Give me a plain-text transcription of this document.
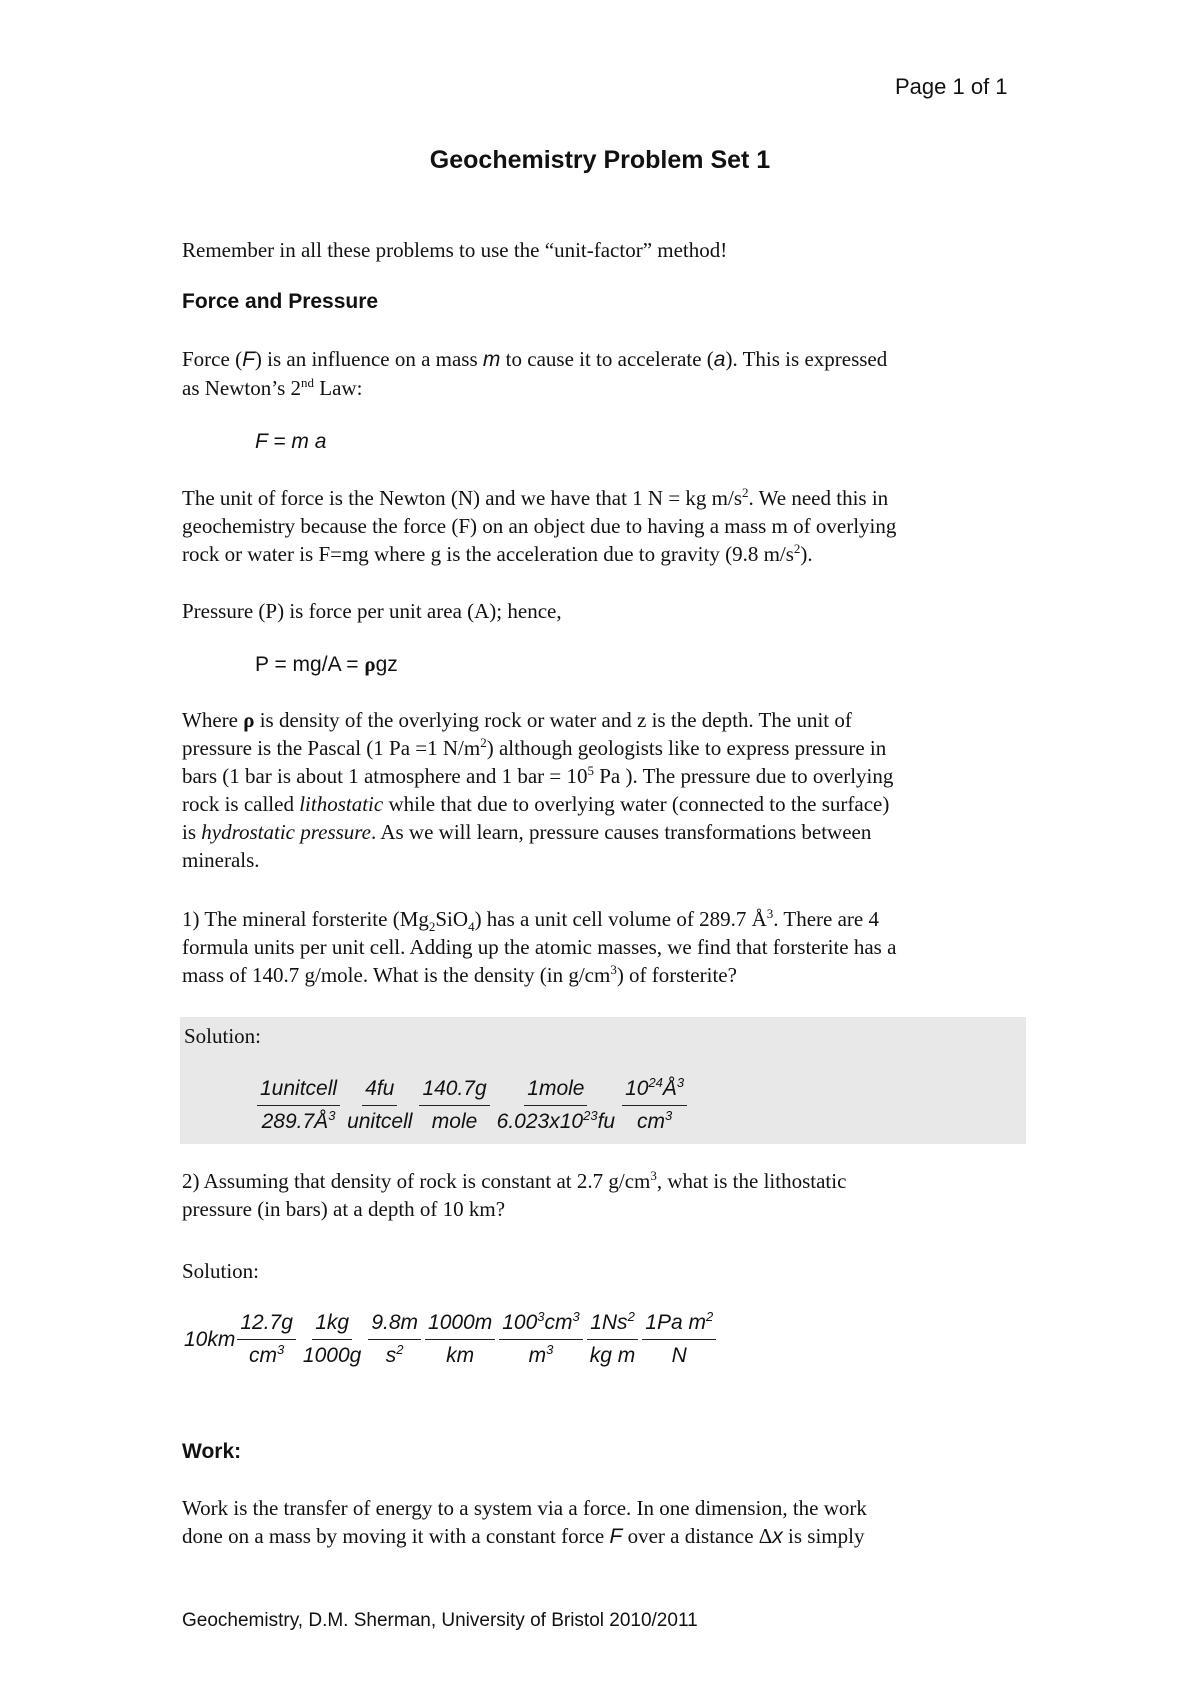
Page 1 of 1
Geochemistry Problem Set 1
Remember in all these problems to use the “unit-factor” method!
Force and Pressure
Force (F) is an influence on a mass m to cause it to accelerate (a). This is expressed
as Newton’s 2nd Law:
F = m a
The unit of force is the Newton (N) and we have that 1 N = kg $m/s^2$. We need this in
geochemistry because the force (F) on an object due to having a mass m of overlying
rock or water is F=mg where g is the acceleration due to gravity (9.8 $m/s^2$).
Pressure (P) is force per unit area (A); hence,
P = mg/A = ρgz
Where ρ is density of the overlying rock or water and z is the depth. The unit of
pressure is the Pascal (1 Pa =1 $N/m^2$) although geologists like to express pressure in
bars (1 bar is about 1 atmosphere and 1 bar = $10^5$ Pa ). The pressure due to overlying
rock is called lithostatic while that due to overlying water (connected to the surface)
is hydrostatic pressure. As we will learn, pressure causes transformations between
minerals.
1) The mineral forsterite $(Mg_2SiO_4)$ has a unit cell volume of 289.7 $Å^3$. There are 4
formula units per unit cell. Adding up the atomic masses, we find that forsterite has a
mass of 140.7 g/mole. What is the density (in $g/cm^3$) of forsterite?
Solution:
$\frac{\text{1unitcell}}{289.7Å^3} \frac{4fu}{\text{unitcell}} \frac{140.7g}{\text{mole}} \frac{\text{1mole}}{6.023x10^{23}fu} \frac{10^{24}Å^3}{cm^3}$
2) Assuming that density of rock is constant at 2.7 $g/cm^3$, what is the lithostatic
pressure (in bars) at a depth of 10 km?
Solution:
$10km \frac{12.7g}{cm^3} \frac{1kg}{1000g} \frac{9.8m}{s^2} \frac{1000m}{km} \frac{100^3cm^3}{m^3} \frac{1Ns^2}{\text{kg m}} \frac{1Pa m^2}{N}$
Work:
Work is the transfer of energy to a system via a force. In one dimension, the work
done on a mass by moving it with a constant force F over a distance Δx is simply
Geochemistry, D.M. Sherman, University of Bristol 2010/2011
